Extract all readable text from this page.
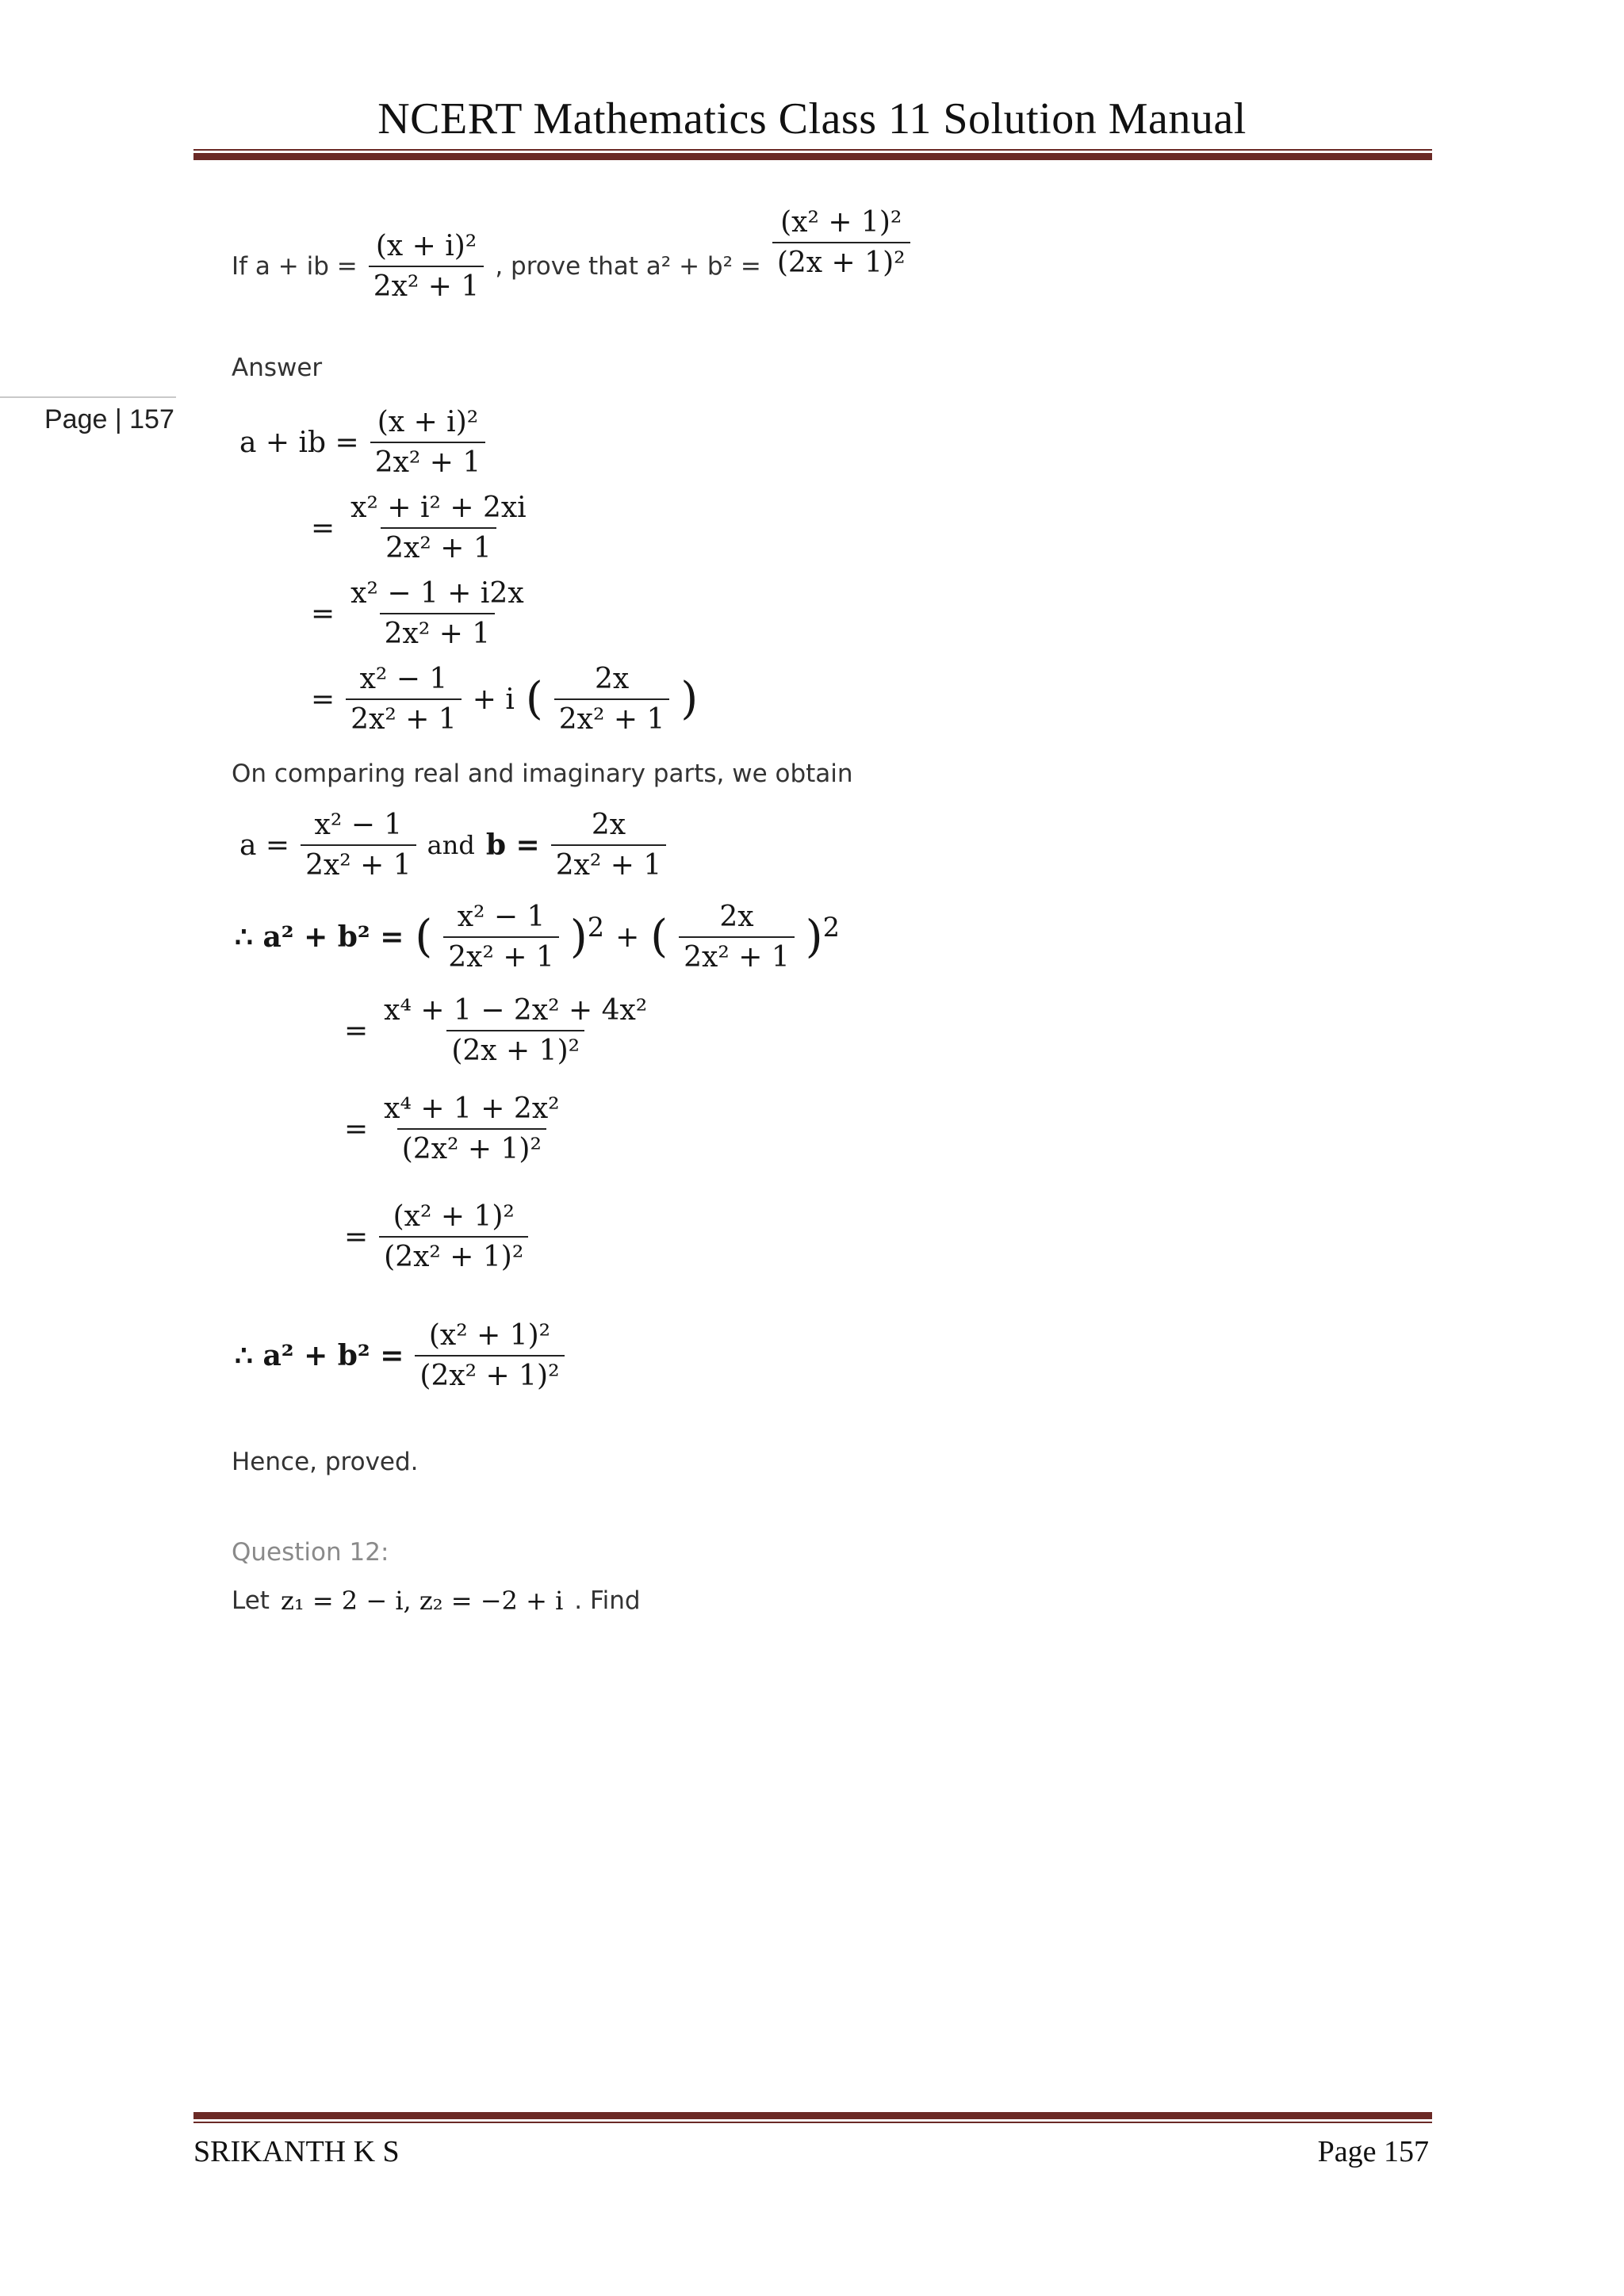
NCERT Mathematics Class 11 Solution Manual
Page | 157
If a + ib = $\frac{\text{(x + i)²}}{\text{2x² + 1}}$ , prove that $a^2 + b^2 = \frac{\text{(x² + 1)²}}{\text{(2x + 1)²}}$
Answer
a + ib = $\frac{\text{(x + i)²}}{\text{2x² + 1}}$
= $\frac{\text{x² + i² + 2xi}}{\text{2x² + 1}}$
= $\frac{\text{x² − 1 + i2x}}{\text{2x² + 1}}$
= $\frac{\text{x² − 1}}{\text{2x² + 1}} + i$ ( $\frac{2x}{\text{2x² + 1}}$ )
On comparing real and imaginary parts, we obtain
$a = \frac{\text{x² − 1}}{\text{2x² + 1}}$ and $b = \frac{2x}{\text{2x² + 1}}$
∴ a² + b² = ( $\frac{\text{x² − 1}}{\text{2x² + 1}} )^2$ + ( $\frac{2x}{\text{2x² + 1}} )^2$
= $\frac{\text{x⁴ + 1 − 2x² + 4x²}}{\text{(2x + 1)²}}$
= $\frac{\text{x⁴ + 1 + 2x²}}{\text{(2x² + 1)²}}$
= $\frac{\text{(x² + 1)²}}{\text{(2x² + 1)²}}$
∴ $a^2 + b^2 = \frac{\text{(x² + 1)²}}{\text{(2x² + 1)²}}$
Hence, proved.
Question 12:
Let z₁ = 2 − i, z₂ = −2 + i . Find
SRIKANTH K S	Page 157
